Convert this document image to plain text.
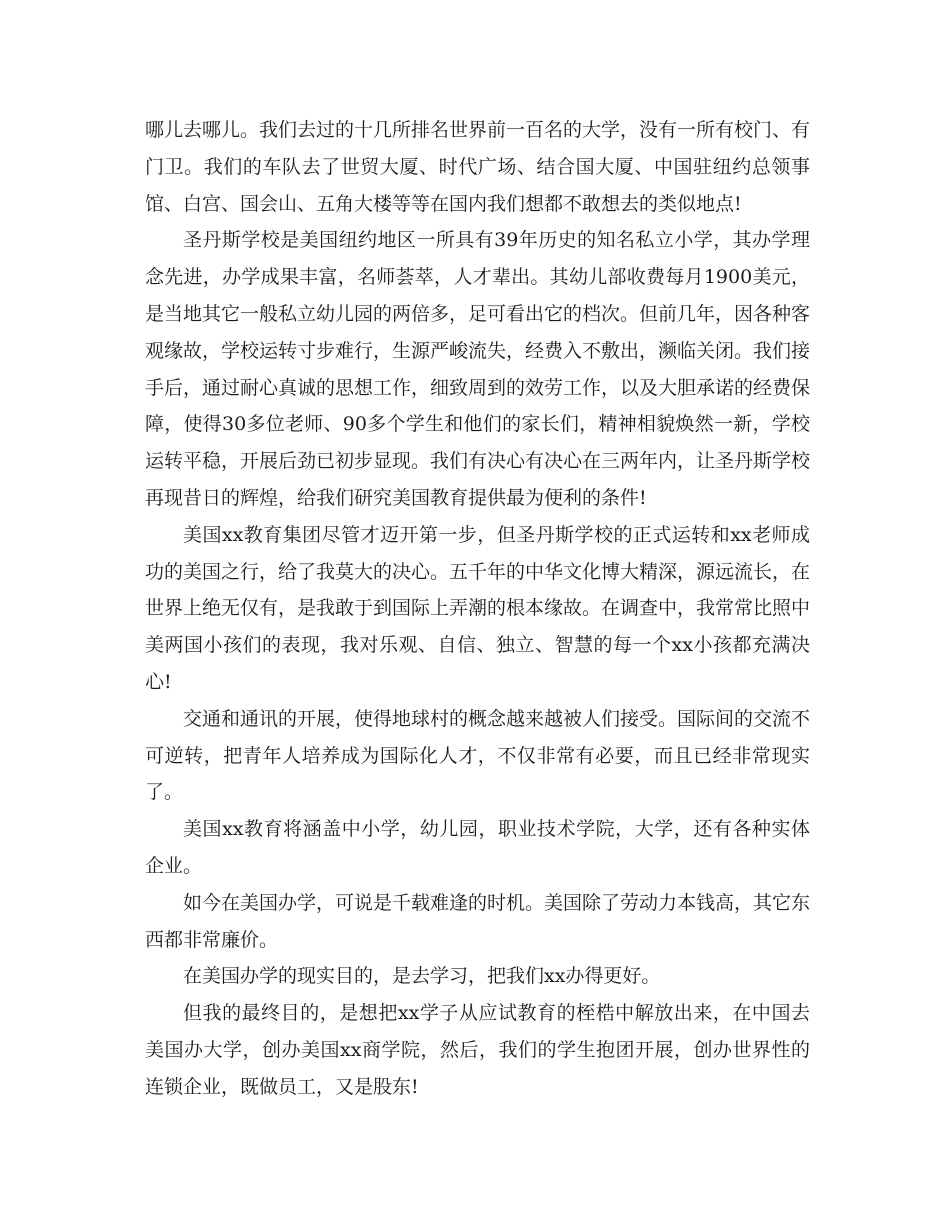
哪儿去哪儿。我们去过的十几所排名世界前一百名的大学，没有一所有校门、有门卫。我们的车队去了世贸大厦、时代广场、结合国大厦、中国驻纽约总领事馆、白宫、国会山、五角大楼等等在国内我们想都不敢想去的类似地点!

圣丹斯学校是美国纽约地区一所具有39年历史的知名私立小学，其办学理念先进，办学成果丰富，名师荟萃，人才辈出。其幼儿部收费每月1900美元，是当地其它一般私立幼儿园的两倍多，足可看出它的档次。但前几年，因各种客观缘故，学校运转寸步难行，生源严峻流失，经费入不敷出，濒临关闭。我们接手后，通过耐心真诚的思想工作，细致周到的效劳工作，以及大胆承诺的经费保障，使得30多位老师、90多个学生和他们的家长们，精神相貌焕然一新，学校运转平稳，开展后劲已初步显现。我们有决心有决心在三两年内，让圣丹斯学校再现昔日的辉煌，给我们研究美国教育提供最为便利的条件!

美国xx教育集团尽管才迈开第一步，但圣丹斯学校的正式运转和xx老师成功的美国之行，给了我莫大的决心。五千年的中华文化博大精深，源远流长，在世界上绝无仅有，是我敢于到国际上弄潮的根本缘故。在调查中，我常常比照中美两国小孩们的表现，我对乐观、自信、独立、智慧的每一个xx小孩都充满决心!

交通和通讯的开展，使得地球村的概念越来越被人们接受。国际间的交流不可逆转，把青年人培养成为国际化人才，不仅非常有必要，而且已经非常现实了。

美国xx教育将涵盖中小学，幼儿园，职业技术学院，大学，还有各种实体企业。

如今在美国办学，可说是千载难逢的时机。美国除了劳动力本钱高，其它东西都非常廉价。

在美国办学的现实目的，是去学习，把我们xx办得更好。

但我的最终目的，是想把xx学子从应试教育的桎梏中解放出来，在中国去美国办大学，创办美国xx商学院，然后，我们的学生抱团开展，创办世界性的连锁企业，既做员工，又是股东!
